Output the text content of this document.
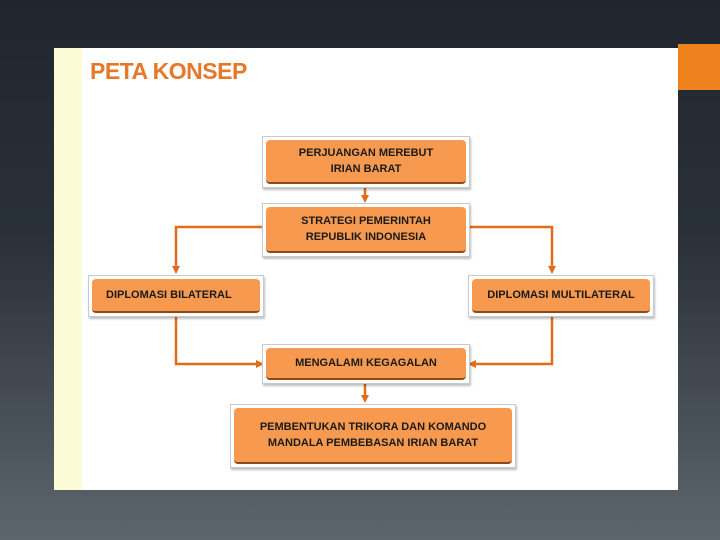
PETA KONSEP
PERJUANGAN MEREBUT
IRIAN BARAT
STRATEGI PEMERINTAH
REPUBLIK INDONESIA
DIPLOMASI BILATERAL	DIPLOMASI MULTILATERAL
MENGALAMI KEGAGALAN
PEMBENTUKAN TRIKORA DAN KOMANDO
MANDALA PEMBEBASAN IRIAN BARAT
